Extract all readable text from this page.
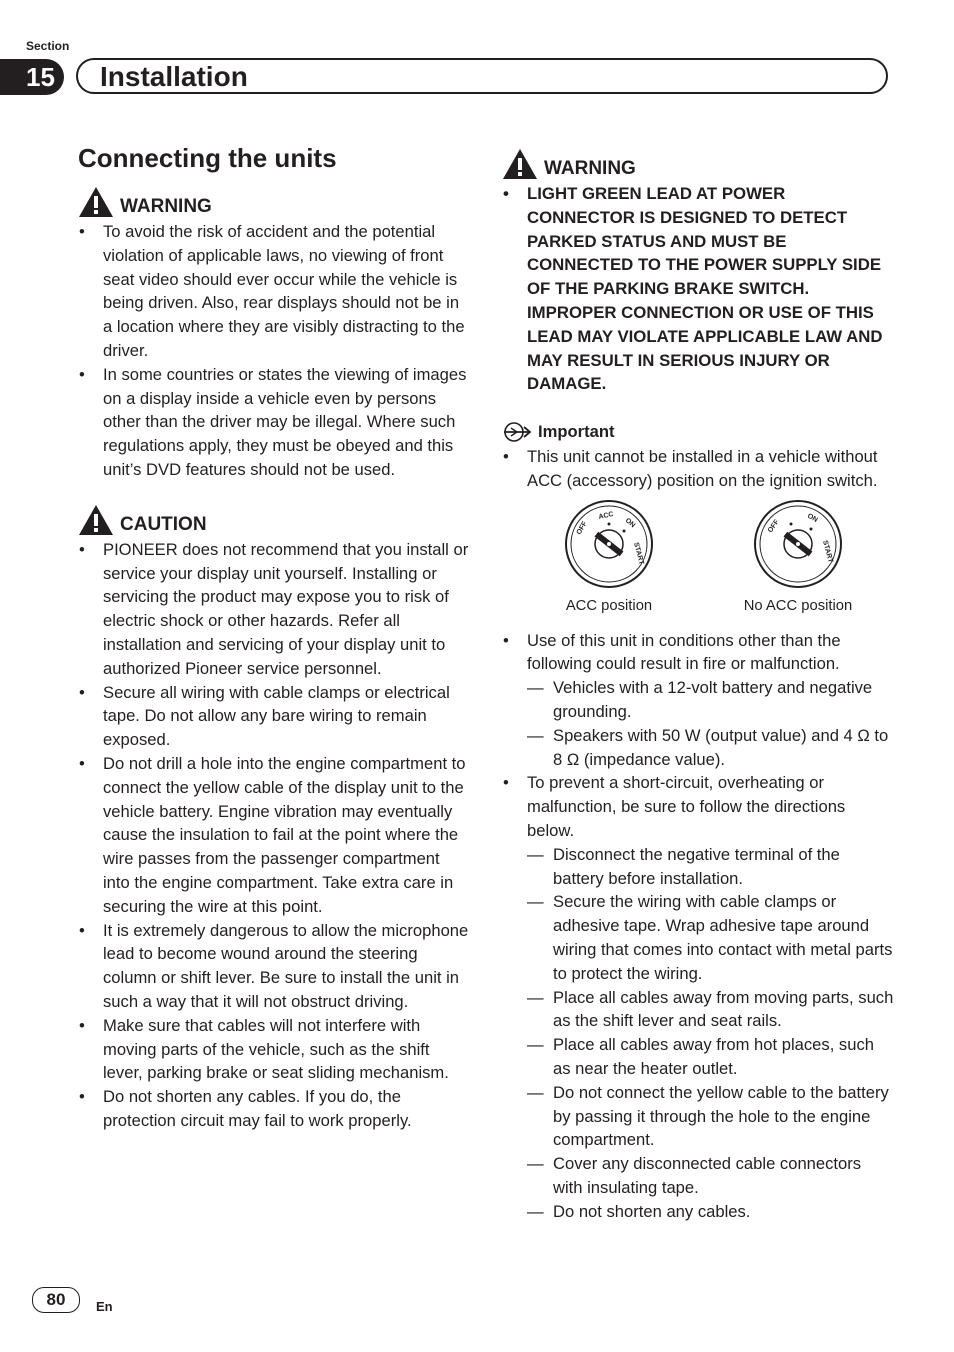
Section
15	Installation
Connecting the units
WARNING
• To avoid the risk of accident and the potential violation of applicable laws, no viewing of front seat video should ever occur while the vehicle is being driven. Also, rear displays should not be in a location where they are visibly distracting to the driver.
• In some countries or states the viewing of images on a display inside a vehicle even by persons other than the driver may be illegal. Where such regulations apply, they must be obeyed and this unit’s DVD features should not be used.
CAUTION
• PIONEER does not recommend that you install or service your display unit yourself. Installing or servicing the product may expose you to risk of electric shock or other hazards. Refer all installation and servicing of your display unit to authorized Pioneer service personnel.
• Secure all wiring with cable clamps or electrical tape. Do not allow any bare wiring to remain exposed.
• Do not drill a hole into the engine compartment to connect the yellow cable of the display unit to the vehicle battery. Engine vibration may eventually cause the insulation to fail at the point where the wire passes from the passenger compartment into the engine compartment. Take extra care in securing the wire at this point.
• It is extremely dangerous to allow the microphone lead to become wound around the steering column or shift lever. Be sure to install the unit in such a way that it will not obstruct driving.
• Make sure that cables will not interfere with moving parts of the vehicle, such as the shift lever, parking brake or seat sliding mechanism.
• Do not shorten any cables. If you do, the protection circuit may fail to work properly.
WARNING
• LIGHT GREEN LEAD AT POWER CONNECTOR IS DESIGNED TO DETECT PARKED STATUS AND MUST BE CONNECTED TO THE POWER SUPPLY SIDE OF THE PARKING BRAKE SWITCH. IMPROPER CONNECTION OR USE OF THIS LEAD MAY VIOLATE APPLICABLE LAW AND MAY RESULT IN SERIOUS INJURY OR DAMAGE.
Important
• This unit cannot be installed in a vehicle without ACC (accessory) position on the ignition switch.
OFF
ACC
ON
START
ACC position
OFF
ON
START
No ACC position
• Use of this unit in conditions other than the following could result in fire or malfunction.
— Vehicles with a 12-volt battery and negative grounding.
— Speakers with 50 W (output value) and 4 Ω to 8 Ω (impedance value).
• To prevent a short-circuit, overheating or malfunction, be sure to follow the directions below.
— Disconnect the negative terminal of the battery before installation.
— Secure the wiring with cable clamps or adhesive tape. Wrap adhesive tape around wiring that comes into contact with metal parts to protect the wiring.
— Place all cables away from moving parts, such as the shift lever and seat rails.
— Place all cables away from hot places, such as near the heater outlet.
— Do not connect the yellow cable to the battery by passing it through the hole to the engine compartment.
— Cover any disconnected cable connectors with insulating tape.
— Do not shorten any cables.
80	En
